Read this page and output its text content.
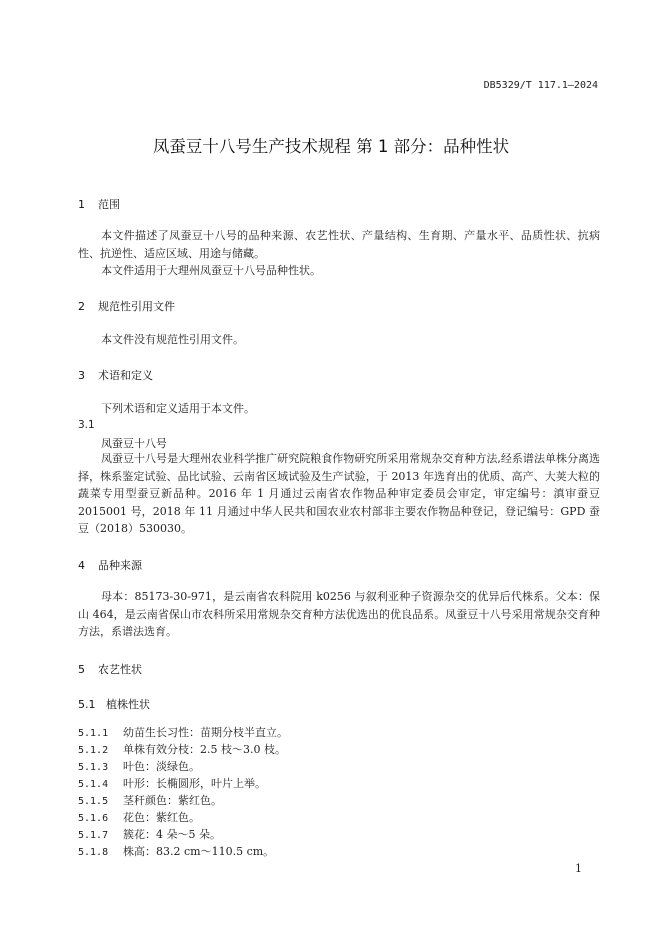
DB5329/T 117.1—2024
凤蚕豆十八号生产技术规程 第 1 部分：品种性状
1 范围
本文件描述了凤蚕豆十八号的品种来源、农艺性状、产量结构、生育期、产量水平、品质性状、抗病性、抗逆性、适应区域、用途与储藏。
本文件适用于大理州凤蚕豆十八号品种性状。
2 规范性引用文件
本文件没有规范性引用文件。
3 术语和定义
下列术语和定义适用于本文件。
3.1
凤蚕豆十八号
凤蚕豆十八号是大理州农业科学推广研究院粮食作物研究所采用常规杂交育种方法,经系谱法单株分离选择，株系鉴定试验、品比试验、云南省区域试验及生产试验，于 2013 年选育出的优质、高产、大荚大粒的蔬菜专用型蚕豆新品种。2016 年 1 月通过云南省农作物品种审定委员会审定，审定编号：滇审蚕豆 2015001 号，2018 年 11 月通过中华人民共和国农业农村部非主要农作物品种登记，登记编号：GPD 蚕豆（2018）530030。
4 品种来源
母本：85173-30-971，是云南省农科院用 k0256 与叙利亚种子资源杂交的优异后代株系。父本：保山 464，是云南省保山市农科所采用常规杂交育种方法优选出的优良品系。凤蚕豆十八号采用常规杂交育种方法，系谱法选育。
5 农艺性状
5.1 植株性状
5.1.1 幼苗生长习性：苗期分枝半直立。
5.1.2 单株有效分枝：2.5 枝～3.0 枝。
5.1.3 叶色：淡绿色。
5.1.4 叶形：长椭圆形，叶片上举。
5.1.5 茎秆颜色：紫红色。
5.1.6 花色：紫红色。
5.1.7 簇花：4 朵～5 朵。
5.1.8 株高：83.2 cm～110.5 cm。
1
